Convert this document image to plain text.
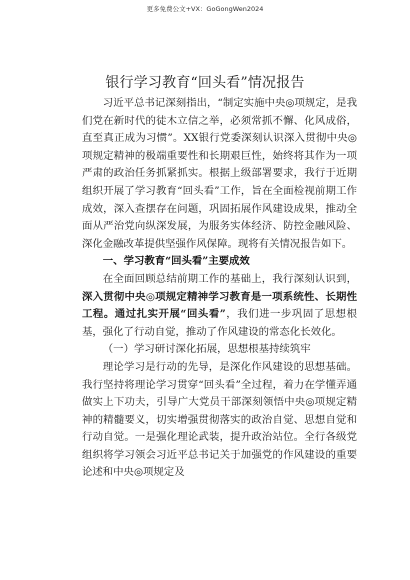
更多免费公文+VX：GoGongWen2024
银行学习教育“回头看”情况报告

习近平总书记深刻指出，“制定实施中央◎项规定，是我们党在新时代的徒木立信之举，必须常抓不懈、化风成俗，直至真正成为习惯”。XX银行党委深刻认识深入贯彻中央◎项规定精神的极端重要性和长期艰巨性，始终将其作为一项严肃的政治任务抓紧抓实。根据上级部署要求，我行于近期组织开展了学习教育“回头看”工作，旨在全面检视前期工作成效，深入查摆存在问题，巩固拓展作风建设成果，推动全面从严治党向纵深发展，为服务实体经济、防控金融风险、深化金融改革提供坚强作风保障。现将有关情况报告如下。

一、学习教育“回头看”主要成效

在全面回顾总结前期工作的基础上，我行深刻认识到，深入贯彻中央◎项规定精神学习教育是一项系统性、长期性工程。通过扎实开展“回头看”，我们进一步巩固了思想根基，强化了行动自觉，推动了作风建设的常态化长效化。

（一）学习研讨深化拓展，思想根基持续筑牢

理论学习是行动的先导，是深化作风建设的思想基础。我行坚持将理论学习贯穿“回头看”全过程，着力在学懂弄通做实上下功夫，引导广大党员干部深刻领悟中央◎项规定精神的精髓要义，切实增强贯彻落实的政治自觉、思想自觉和行动自觉。一是强化理论武装，提升政治站位。全行各级党组织将学习领会习近平总书记关于加强党的作风建设的重要论述和中央◎项规定及
